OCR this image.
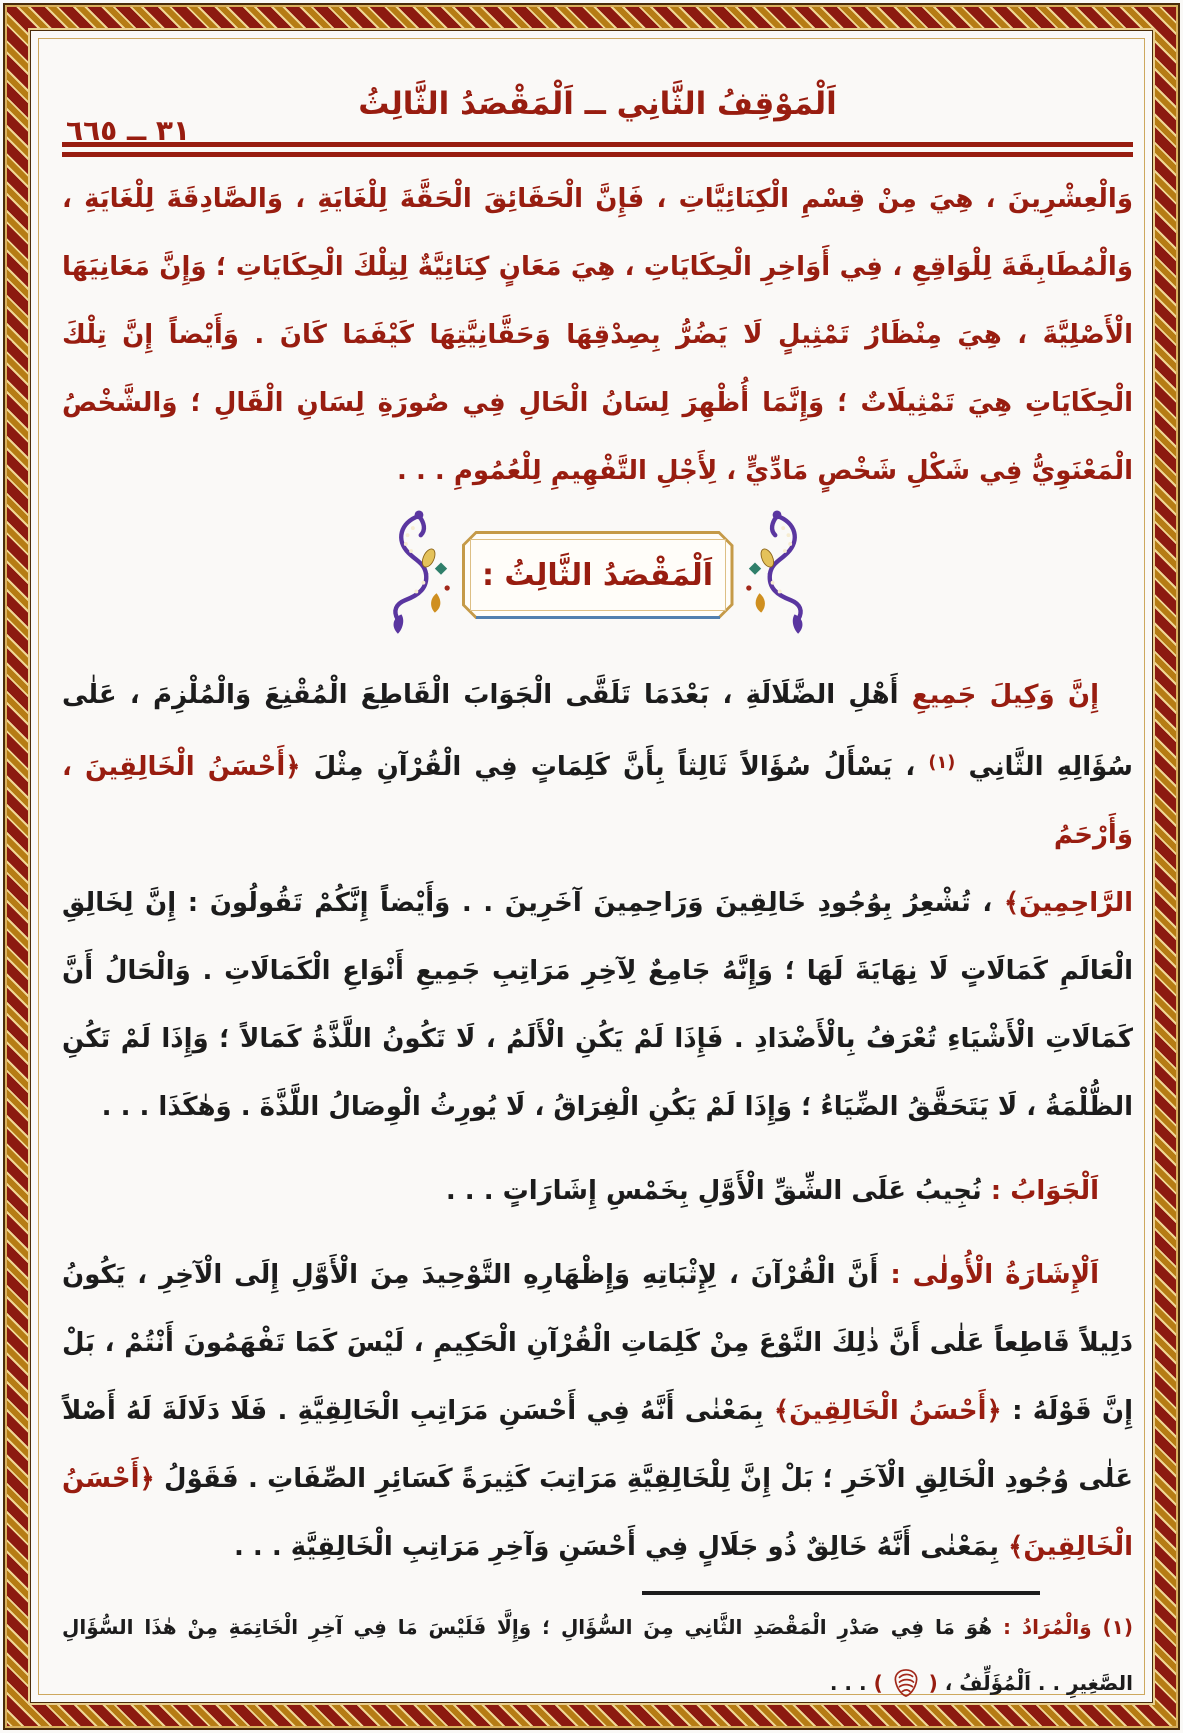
٣١ ــ ٦٦٥
اَلْمَوْقِفُ الثَّانِي ــ اَلْمَقْصَدُ الثَّالِثُ
وَالْعِشْرِينَ ، هِيَ مِنْ قِسْمِ الْكِنَائِيَّاتِ ، فَإِنَّ الْحَقَائِقَ الْحَقَّةَ لِلْغَايَةِ ، وَالصَّادِقَةَ لِلْغَايَةِ ،
وَالْمُطَابِقَةَ لِلْوَاقِعِ ، فِي أَوَاخِرِ الْحِكَايَاتِ ، هِيَ مَعَانٍ كِنَائِيَّةٌ لِتِلْكَ الْحِكَايَاتِ ؛ وَإِنَّ مَعَانِيَهَا
الْأَصْلِيَّةَ ، هِيَ مِنْظَارُ تَمْثِيلٍ لَا يَضُرُّ بِصِدْقِهَا وَحَقَّانِيَّتِهَا كَيْفَمَا كَانَ . وَأَيْضاً إِنَّ تِلْكَ
الْحِكَايَاتِ هِيَ تَمْثِيلَاتٌ ؛ وَإِنَّمَا أُظْهِرَ لِسَانُ الْحَالِ فِي صُورَةِ لِسَانِ الْقَالِ ؛ وَالشَّخْصُ
الْمَعْنَوِيُّ فِي شَكْلِ شَخْصٍ مَادِّيٍّ ، لِأَجْلِ التَّفْهِيمِ لِلْعُمُومِ . . .
اَلْمَقْصَدُ الثَّالِثُ :
إِنَّ وَكِيلَ جَمِيعِ أَهْلِ الضَّلَالَةِ ، بَعْدَمَا تَلَقَّى الْجَوَابَ الْقَاطِعَ الْمُقْنِعَ وَالْمُلْزِمَ ، عَلٰى
سُؤَالِهِ الثَّانِي $^{(١)}$ ، يَسْأَلُ سُؤَالاً ثَالِثاً بِأَنَّ كَلِمَاتٍ فِي الْقُرْآنِ مِثْلَ ﴿أَحْسَنُ الْخَالِقِينَ ، وَأَرْحَمُ
الرَّاحِمِينَ﴾ ، تُشْعِرُ بِوُجُودِ خَالِقِينَ وَرَاحِمِينَ آخَرِينَ . . وَأَيْضاً إِنَّكُمْ تَقُولُونَ : إِنَّ لِخَالِقِ
الْعَالَمِ كَمَالَاتٍ لَا نِهَايَةَ لَهَا ؛ وَإِنَّهُ جَامِعٌ لِآخِرِ مَرَاتِبِ جَمِيعِ أَنْوَاعِ الْكَمَالَاتِ . وَالْحَالُ أَنَّ
كَمَالَاتِ الْأَشْيَاءِ تُعْرَفُ بِالْأَضْدَادِ . فَإِذَا لَمْ يَكُنِ الْأَلَمُ ، لَا تَكُونُ اللَّذَّةُ كَمَالاً ؛ وَإِذَا لَمْ تَكُنِ
الظُّلْمَةُ ، لَا يَتَحَقَّقُ الضِّيَاءُ ؛ وَإِذَا لَمْ يَكُنِ الْفِرَاقُ ، لَا يُورِثُ الْوِصَالُ اللَّذَّةَ . وَهٰكَذَا . . .
اَلْجَوَابُ : نُجِيبُ عَلَى الشِّقِّ الْأَوَّلِ بِخَمْسِ إِشَارَاتٍ . . .
اَلْإِشَارَةُ الْأُولٰى : أَنَّ الْقُرْآنَ ، لِإِثْبَاتِهِ وَإِظْهَارِهِ التَّوْحِيدَ مِنَ الْأَوَّلِ إِلَى الْآخِرِ ، يَكُونُ
دَلِيلاً قَاطِعاً عَلٰى أَنَّ ذٰلِكَ النَّوْعَ مِنْ كَلِمَاتِ الْقُرْآنِ الْحَكِيمِ ، لَيْسَ كَمَا تَفْهَمُونَ أَنْتُمْ ، بَلْ
إِنَّ قَوْلَهُ : ﴿أَحْسَنُ الْخَالِقِينَ﴾ بِمَعْنٰى أَنَّهُ فِي أَحْسَنِ مَرَاتِبِ الْخَالِقِيَّةِ . فَلَا دَلَالَةَ لَهُ أَصْلاً
عَلٰى وُجُودِ الْخَالِقِ الْآخَرِ ؛ بَلْ إِنَّ لِلْخَالِقِيَّةِ مَرَاتِبَ كَثِيرَةً كَسَائِرِ الصِّفَاتِ . فَقَوْلُ ﴿أَحْسَنُ
الْخَالِقِينَ﴾ بِمَعْنٰى أَنَّهُ خَالِقٌ ذُو جَلَالٍ فِي أَحْسَنِ وَآخِرِ مَرَاتِبِ الْخَالِقِيَّةِ . . .
(١) وَالْمُرَادُ : هُوَ مَا فِي صَدْرِ الْمَقْصَدِ الثَّانِي مِنَ السُّؤَالِ ؛ وَإِلَّا فَلَيْسَ مَا فِي آخِرِ الْخَاتِمَةِ مِنْ هٰذَا السُّؤَالِ
الصَّغِيرِ . . اَلْمُؤَلِّفُ ، (  ) . . .
